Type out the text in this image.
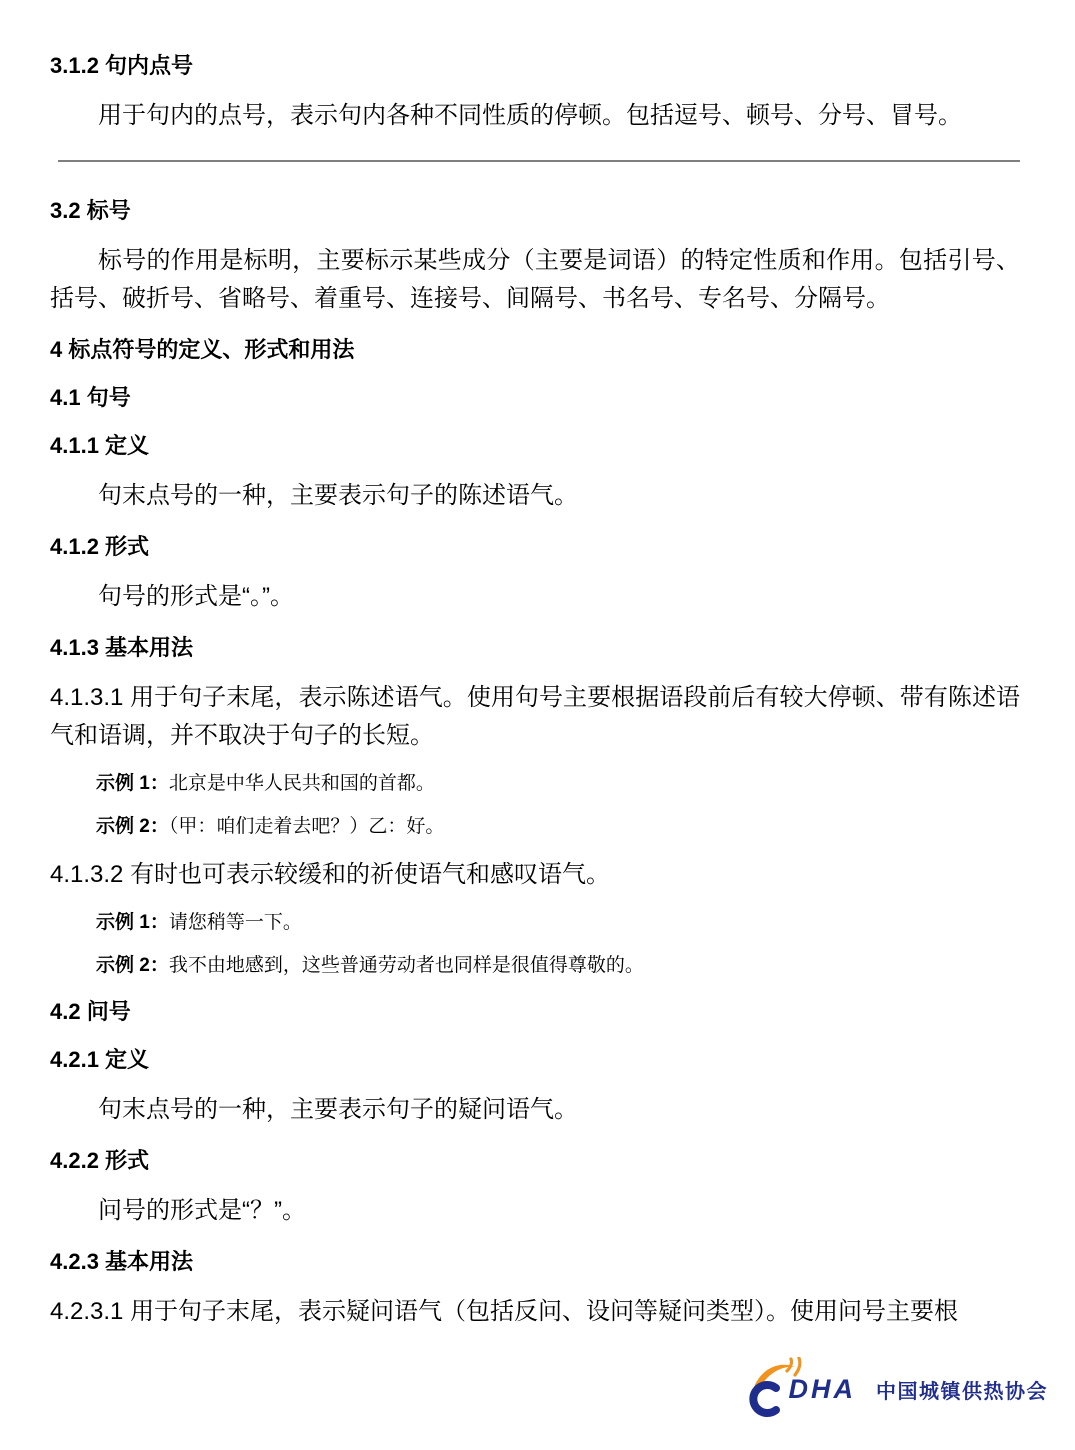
3.1.2 句内点号
用于句内的点号，表示句内各种不同性质的停顿。包括逗号、顿号、分号、冒号。
3.2 标号
标号的作用是标明，主要标示某些成分（主要是词语）的特定性质和作用。包括引号、括号、破折号、省略号、着重号、连接号、间隔号、书名号、专名号、分隔号。
4 标点符号的定义、形式和用法
4.1 句号
4.1.1 定义
句末点号的一种，主要表示句子的陈述语气。
4.1.2 形式
句号的形式是“。”。
4.1.3 基本用法
4.1.3.1 用于句子末尾，表示陈述语气。使用句号主要根据语段前后有较大停顿、带有陈述语气和语调，并不取决于句子的长短。
示例 1：北京是中华人民共和国的首都。
示例 2：（甲：咱们走着去吧？）乙：好。
4.1.3.2 有时也可表示较缓和的祈使语气和感叹语气。
示例 1：请您稍等一下。
示例 2：我不由地感到，这些普通劳动者也同样是很值得尊敬的。
4.2 问号
4.2.1 定义
句末点号的一种，主要表示句子的疑问语气。
4.2.2 形式
问号的形式是“？”。
4.2.3 基本用法
4.2.3.1 用于句子末尾，表示疑问语气（包括反问、设问等疑问类型）。使用问号主要根
DHA 中国城镇供热协会
